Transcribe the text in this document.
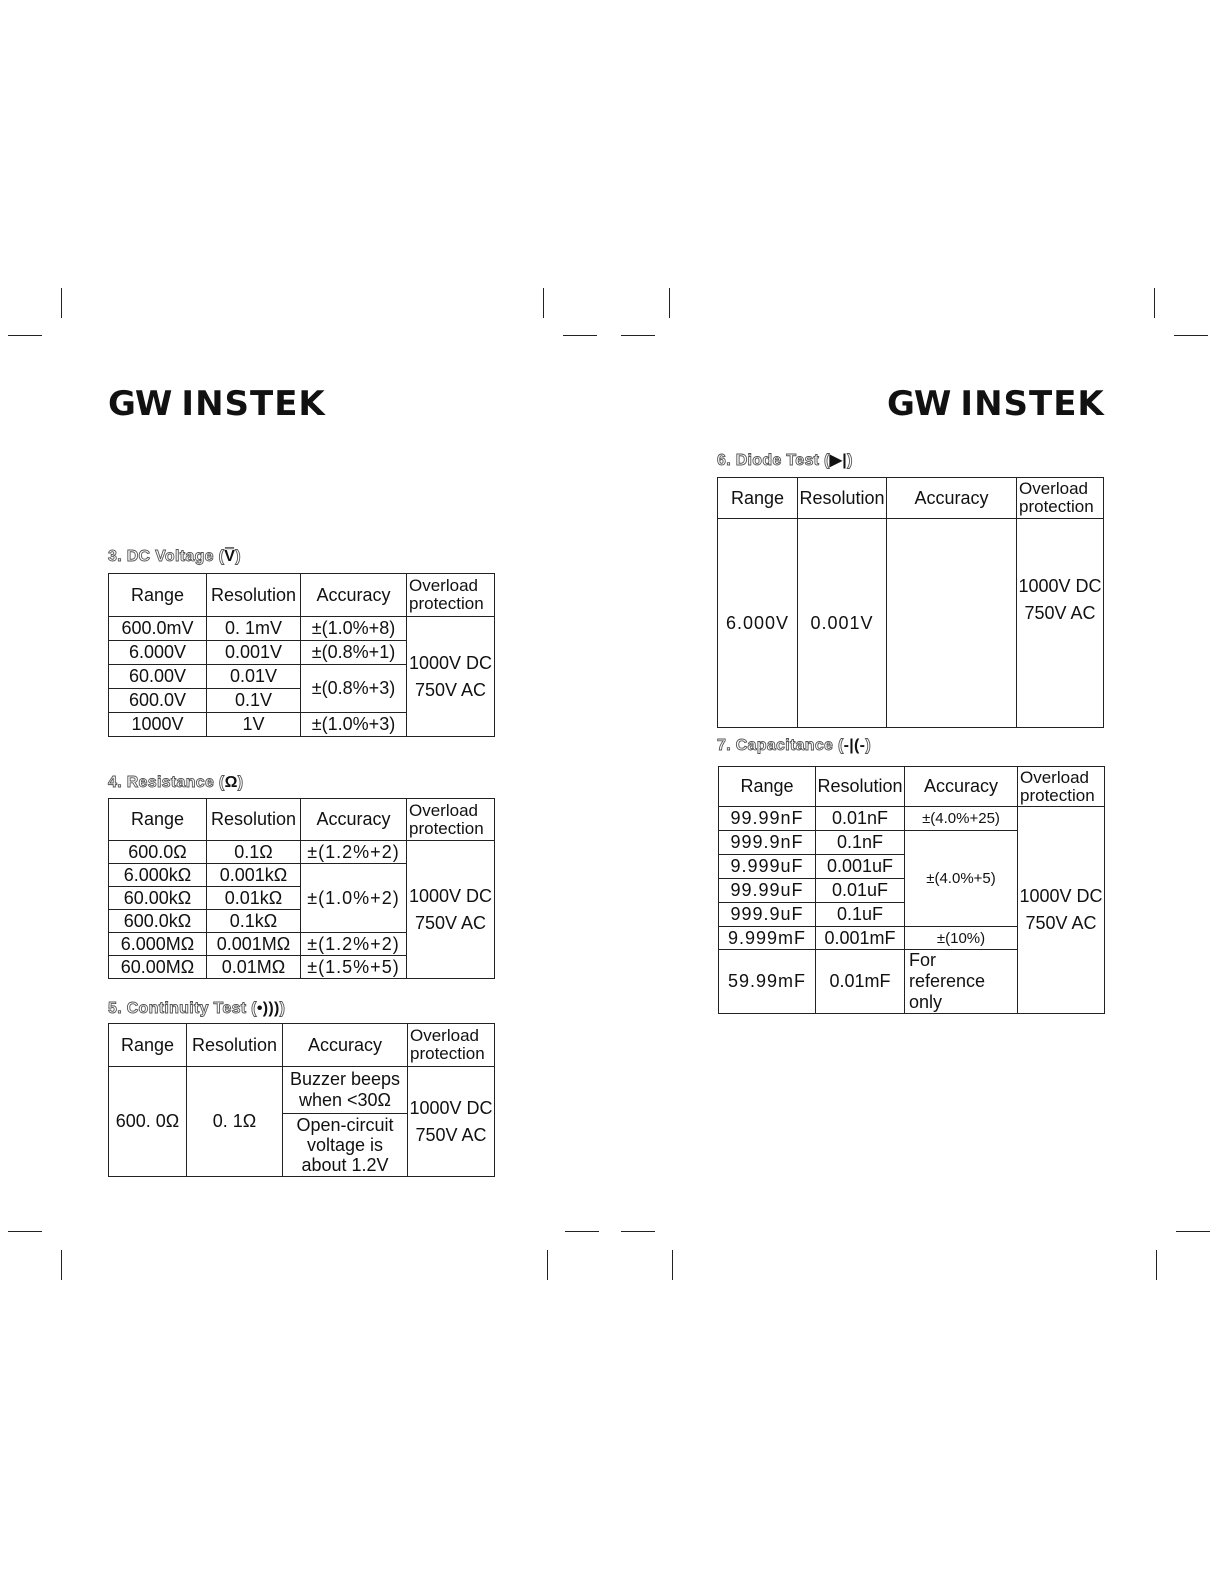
GW INSTEK
3. DC Voltage (V̿)
Range	Resolution	Accuracy	Overload protection
600.0mV	0. 1mV	±(1.0%+8)	1000V DC
750V AC

6.000V	0.001V	±(0.8%+1)	
60.00V	0.01V	±(0.8%+3)	
600.0V	0.1V		
1000V	1V	±(1.0%+3)	
4. Resistance (Ω)
Range	Resolution	Accuracy	Overload protection
600.0Ω	0.1Ω	±(1.2%+2)	1000V DC
750V AC

6.000kΩ	0.001kΩ	±(1.0%+2)	
60.00kΩ	0.01kΩ		
600.0kΩ	0.1kΩ		
6.000MΩ	0.001MΩ	±(1.2%+2)	
60.00MΩ	0.01MΩ	±(1.5%+5)	
5. Continuity Test (•))))
Range	Resolution	Accuracy	Overload protection
600. 0Ω	0. 1Ω	Buzzer beeps when <30Ω	1000V DC
750V AC

		Open-circuit voltage is about 1.2V	
GW INSTEK
6. Diode Test (▶|)
Range	Resolution	Accuracy	Overload protection
6.000V	0.001V		1000V DC
750V AC
7. Capacitance (-|(-)
Range	Resolution	Accuracy	Overload protection
99.99nF	0.01nF	±(4.0%+25)	1000V DC
750V AC

999.9nF	0.1nF	±(4.0%+5)	
9.999uF	0.001uF		
99.99uF	0.01uF		
999.9uF	0.1uF		
9.999mF	0.001mF	±(10%)	
59.99mF	0.01mF	For reference only	
